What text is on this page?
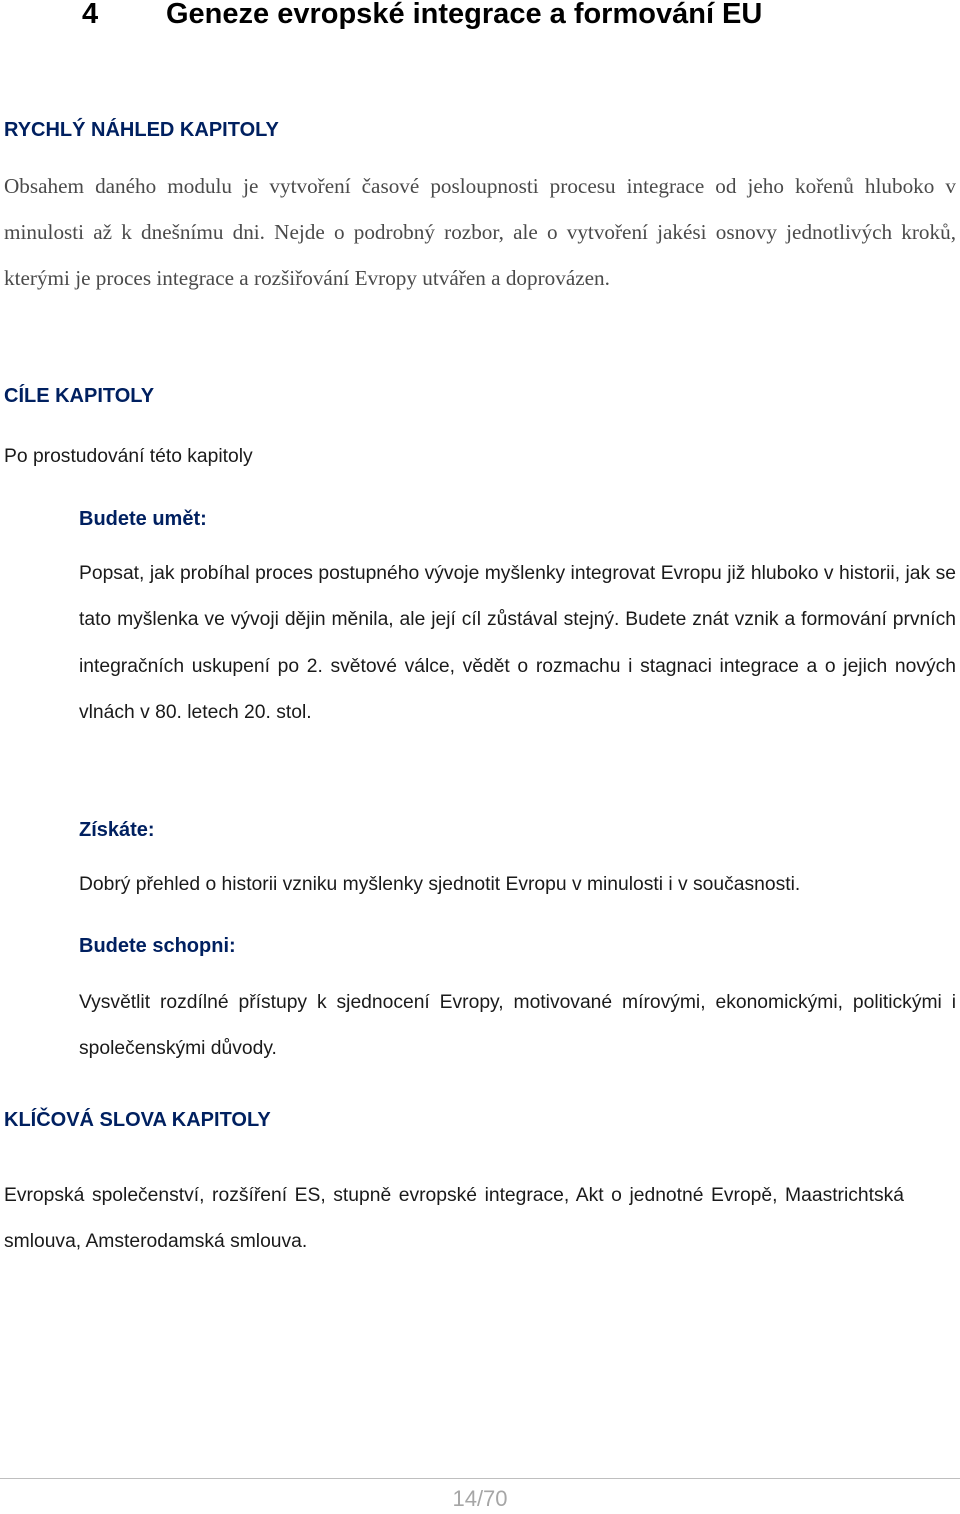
4 Geneze evropské integrace a formování EU
RYCHLÝ NÁHLED KAPITOLY

Obsahem daného modulu je vytvoření časové posloupnosti procesu integrace od jeho kořenů hluboko v minulosti až k dnešnímu dni. Nejde o podrobný rozbor, ale o vytvoření jakési osnovy jednotlivých kroků, kterými je proces integrace a rozšiřování Evropy utvářen a doprovázen.

CÍLE KAPITOLY

Po prostudování této kapitoly

Budete umět:

Popsat, jak probíhal proces postupného vývoje myšlenky integrovat Evropu již hluboko v historii, jak se tato myšlenka ve vývoji dějin měnila, ale její cíl zůstával stejný. Budete znát vznik a formování prvních integračních uskupení po 2. světové válce, vědět o rozmachu i stagnaci integrace a o jejich nových vlnách v 80. letech 20. stol.

Získáte:

Dobrý přehled o historii vzniku myšlenky sjednotit Evropu v minulosti i v současnosti.

Budete schopni:

Vysvětlit rozdílné přístupy k sjednocení Evropy, motivované mírovými, ekonomickými, politickými i společenskými důvody.

KLÍČOVÁ SLOVA KAPITOLY

Evropská společenství, rozšíření ES, stupně evropské integrace, Akt o jednotné Evropě, Maastrichtská smlouva, Amsterodamská smlouva.

14/70
